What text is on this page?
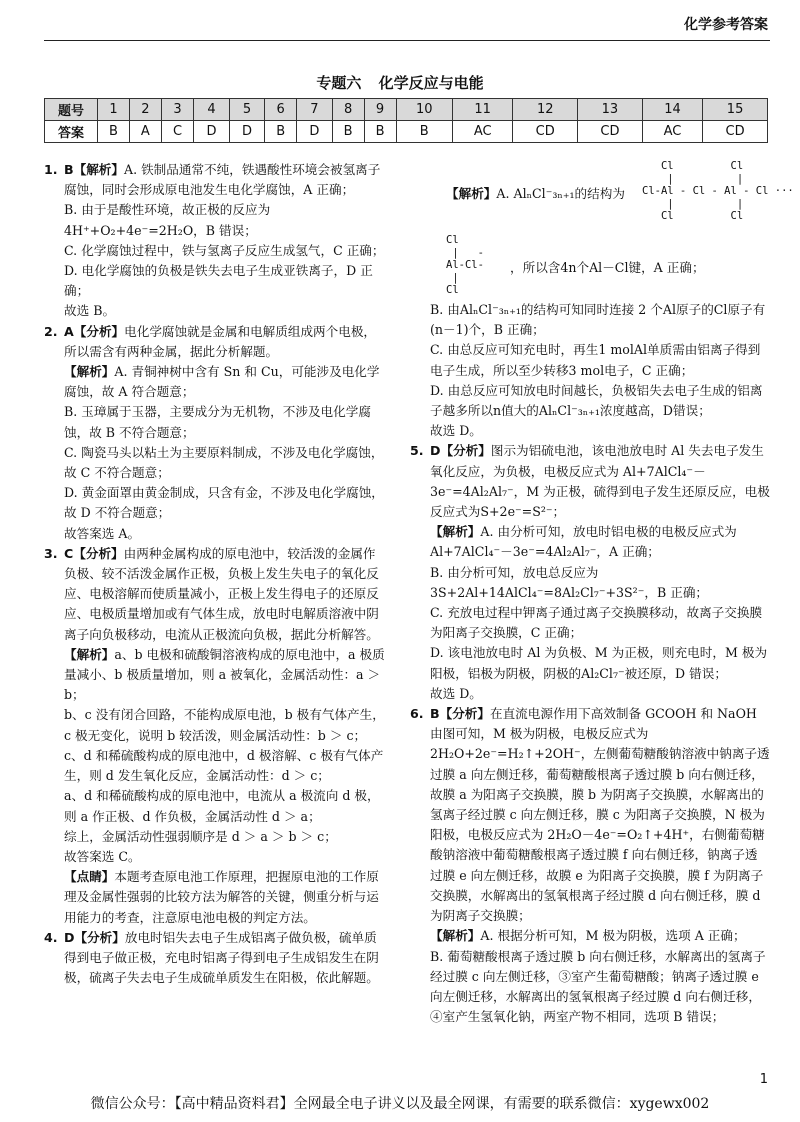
化学参考答案
专题六 化学反应与电能
题号	1	2	3	4	5	6	7	8	9	10	11	12	13	14	15
答案	B	A	C	D	D	B	D	B	B	B	AC	CD	CD	AC	CD
1. B【解析】A. 铁制品通常不纯，铁遇酸性环境会被氢离子腐蚀，同时会形成原电池发生电化学腐蚀，A 正确；

B. 由于是酸性环境，故正极的反应为 4H⁺+O₂+4e⁻=2H₂O，B 错误；

C. 化学腐蚀过程中，铁与氢离子反应生成氢气，C 正确；

D. 电化学腐蚀的负极是铁失去电子生成亚铁离子，D 正确；

故选 B。

2. A【分析】电化学腐蚀就是金属和电解质组成两个电极，所以需含有两种金属，据此分析解题。

【解析】A. 青铜神树中含有 Sn 和 Cu，可能涉及电化学腐蚀，故 A 符合题意；

B. 玉璋属于玉器，主要成分为无机物，不涉及电化学腐蚀，故 B 不符合题意；

C. 陶瓷马头以粘土为主要原料制成，不涉及电化学腐蚀，故 C 不符合题意；

D. 黄金面罩由黄金制成，只含有金，不涉及电化学腐蚀，故 D 不符合题意；

故答案选 A。

3. C【分析】由两种金属构成的原电池中，较活泼的金属作负极、较不活泼金属作正极，负极上发生失电子的氧化反应、电极溶解而使质量减小，正极上发生得电子的还原反应、电极质量增加或有气体生成，放电时电解质溶液中阴离子向负极移动，电流从正极流向负极，据此分析解答。

【解析】a、b 电极和硫酸铜溶液构成的原电池中，a 极质量减小、b 极质量增加，则 a 被氧化，金属活动性：a ＞ b；

b、c 没有闭合回路，不能构成原电池，b 极有气体产生，c 极无变化，说明 b 较活泼，则金属活动性：b ＞ c；

c、d 和稀硫酸构成的原电池中，d 极溶解、c 极有气体产生，则 d 发生氧化反应，金属活动性：d ＞ c；

a、d 和稀硫酸构成的原电池中，电流从 a 极流向 d 极，则 a 作正极、d 作负极，金属活动性 d ＞ a；

综上，金属活动性强弱顺序是 d ＞ a ＞ b ＞ c；

故答案选 C。

【点睛】本题考查原电池工作原理，把握原电池的工作原理及金属性强弱的比较方法为解答的关键，侧重分析与运用能力的考查，注意原电池电极的判定方法。

4. D【分析】放电时铝失去电子生成铝离子做负极，硫单质得到电子做正极，充电时铝离子得到电子生成铝发生在阴极，硫离子失去电子生成硫单质发生在阳极，依此解题。

【解析】A. AlₙCl⁻₃ₙ₊₁的结构为
Cl         Cl
|          |
Cl-Al - Cl - Al - Cl ···
|          |
Cl         Cl
Cl
|   -
Al-Cl-
|
Cl
，所以含4n个Al－Cl键，A 正确；

B. 由AlₙCl⁻₃ₙ₊₁的结构可知同时连接 2 个Al原子的Cl原子有(n－1)个，B 正确；

C. 由总反应可知充电时，再生1 molAl单质需由铝离子得到电子生成，所以至少转移3 mol电子，C 正确；

D. 由总反应可知放电时间越长，负极铝失去电子生成的铝离子越多所以n值大的AlₙCl⁻₃ₙ₊₁浓度越高，D错误；

故选 D。

5. D【分析】图示为铝硫电池，该电池放电时 Al 失去电子发生氧化反应，为负极，电极反应式为 Al+7AlCl₄⁻－3e⁻=4Al₂Al₇⁻，M 为正极，硫得到电子发生还原反应，电极反应式为S+2e⁻=S²⁻；

【解析】A. 由分析可知，放电时铝电极的电极反应式为Al+7AlCl₄⁻－3e⁻=4Al₂Al₇⁻，A 正确；

B. 由分析可知，放电总反应为 3S+2Al+14AlCl₄⁻=8Al₂Cl₇⁻+3S²⁻，B 正确；

C. 充放电过程中钾离子通过离子交换膜移动，故离子交换膜为阳离子交换膜，C 正确；

D. 该电池放电时 Al 为负极、M 为正极，则充电时，M 极为阳极，铝极为阴极，阴极的Al₂Cl₇⁻被还原，D 错误；

故选 D。

6. B【分析】在直流电源作用下高效制备 GCOOH 和 NaOH 由图可知，M 极为阴极，电极反应式为 2H₂O+2e⁻=H₂↑+2OH⁻，左侧葡萄糖酸钠溶液中钠离子透过膜 a 向左侧迁移，葡萄糖酸根离子透过膜 b 向右侧迁移，故膜 a 为阳离子交换膜，膜 b 为阴离子交换膜，水解离出的氢离子经过膜 c 向左侧迁移，膜 c 为阳离子交换膜，N 极为阳极，电极反应式为 2H₂O－4e⁻=O₂↑+4H⁺，右侧葡萄糖酸钠溶液中葡萄糖酸根离子透过膜 f 向右侧迁移，钠离子透过膜 e 向左侧迁移，故膜 e 为阳离子交换膜，膜 f 为阴离子交换膜，水解离出的氢氧根离子经过膜 d 向右侧迁移，膜 d 为阴离子交换膜；

【解析】A. 根据分析可知，M 极为阴极，选项 A 正确；

B. 葡萄糖酸根离子透过膜 b 向右侧迁移，水解离出的氢离子经过膜 c 向左侧迁移，③室产生葡萄糖酸；钠离子透过膜 e 向左侧迁移，水解离出的氢氧根离子经过膜 d 向右侧迁移，④室产生氢氧化钠，两室产物不相同，选项 B 错误；

1
微信公众号：【高中精品资料君】全网最全电子讲义以及最全网课，有需要的联系微信：xygewx002
